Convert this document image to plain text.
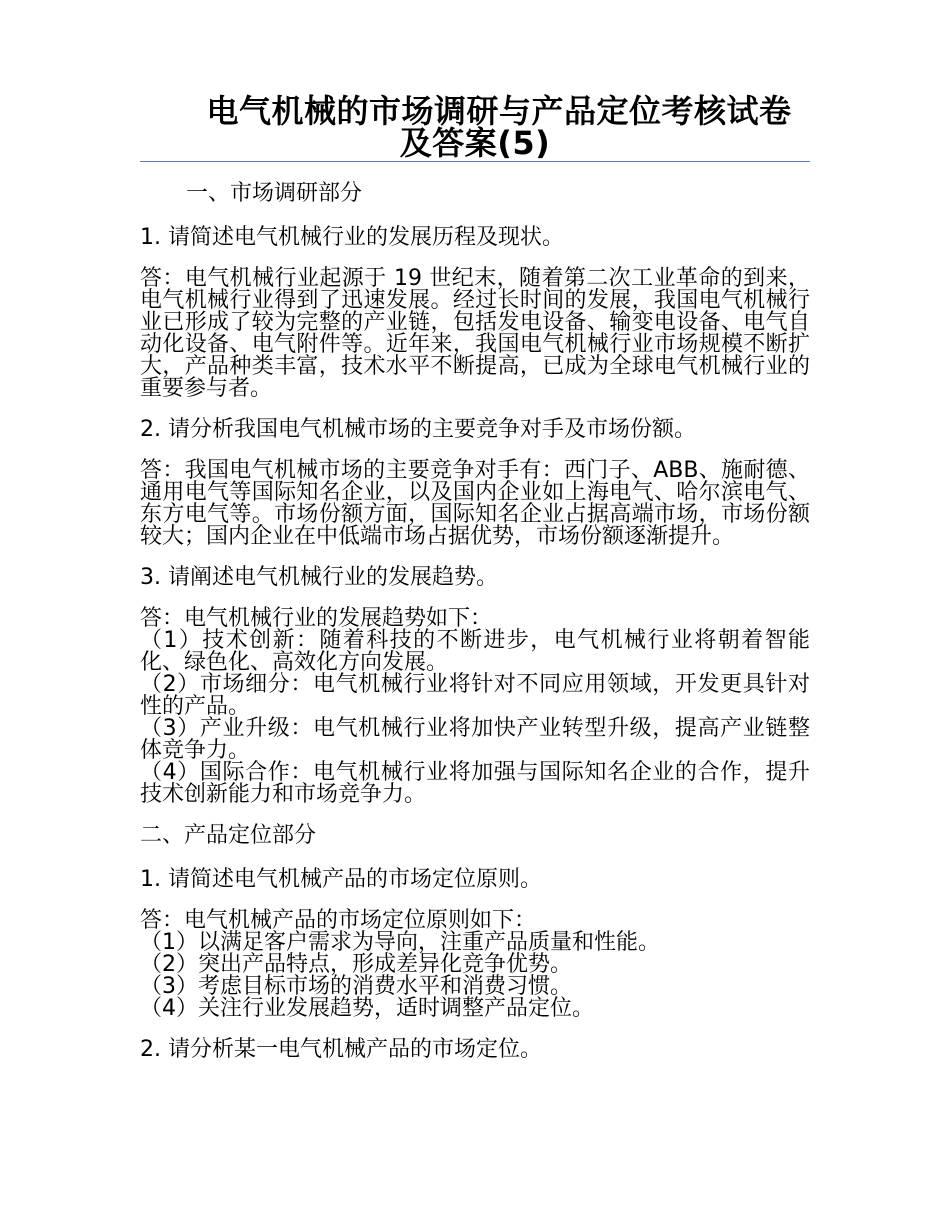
电气机械的市场调研与产品定位考核试卷
及答案(5)
一、市场调研部分
1. 请简述电气机械行业的发展历程及现状。
答：电气机械行业起源于 19 世纪末，随着第二次工业革命的到来，电气机械行业得到了迅速发展。经过长时间的发展，我国电气机械行业已形成了较为完整的产业链，包括发电设备、输变电设备、电气自动化设备、电气附件等。近年来，我国电气机械行业市场规模不断扩大，产品种类丰富，技术水平不断提高，已成为全球电气机械行业的重要参与者。
2. 请分析我国电气机械市场的主要竞争对手及市场份额。
答：我国电气机械市场的主要竞争对手有：西门子、ABB、施耐德、通用电气等国际知名企业，以及国内企业如上海电气、哈尔滨电气、东方电气等。市场份额方面，国际知名企业占据高端市场，市场份额较大；国内企业在中低端市场占据优势，市场份额逐渐提升。
3. 请阐述电气机械行业的发展趋势。
答：电气机械行业的发展趋势如下：
（1）技术创新：随着科技的不断进步，电气机械行业将朝着智能化、绿色化、高效化方向发展。
（2）市场细分：电气机械行业将针对不同应用领域，开发更具针对性的产品。
（3）产业升级：电气机械行业将加快产业转型升级，提高产业链整体竞争力。
（4）国际合作：电气机械行业将加强与国际知名企业的合作，提升技术创新能力和市场竞争力。
二、产品定位部分
1. 请简述电气机械产品的市场定位原则。
答：电气机械产品的市场定位原则如下：
（1）以满足客户需求为导向，注重产品质量和性能。
（2）突出产品特点，形成差异化竞争优势。
（3）考虑目标市场的消费水平和消费习惯。
（4）关注行业发展趋势，适时调整产品定位。
2. 请分析某一电气机械产品的市场定位。
